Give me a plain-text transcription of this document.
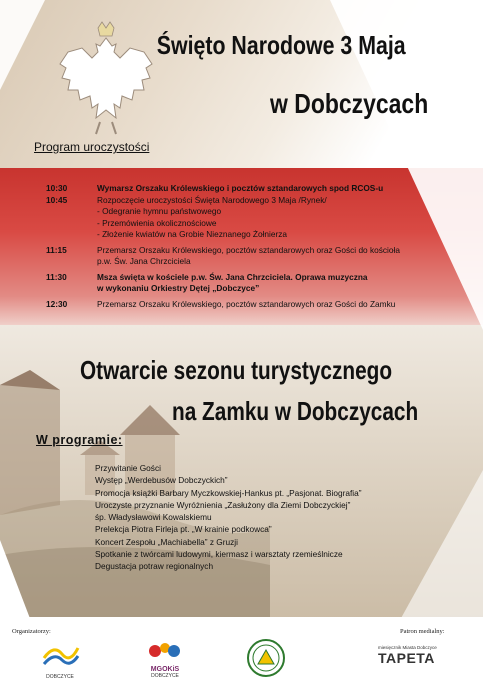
Święto Narodowe 3 Maja
w Dobczycach
Program uroczystości
10:30	Wymarsz Orszaku Królewskiego i pocztów sztandarowych spod RCOS-u
10:45	Rozpoczęcie uroczystości Święta Narodowego 3 Maja /Rynek/
- Odegranie hymnu państwowego
- Przemówienia okolicznościowe
- Złożenie kwiatów na Grobie Nieznanego Żołnierza
11:15	Przemarsz Orszaku Królewskiego, pocztów sztandarowych oraz Gości do kościoła
p.w. Św. Jana Chrzciciela
11:30	Msza święta w kościele p.w. Św. Jana Chrzciciela. Oprawa muzyczna
w wykonaniu Orkiestry Dętej „Dobczyce”
12:30	Przemarsz Orszaku Królewskiego, pocztów sztandarowych oraz Gości do Zamku
Otwarcie sezonu turystycznego
na Zamku w Dobczycach
W programie:
Przywitanie Gości
Występ „Werdebusów Dobczyckich”
Promocja książki Barbary Myczkowskiej-Hankus pt. „Pasjonat. Biografia”
Uroczyste przyznanie Wyróżnienia „Zasłużony dla Ziemi Dobczyckiej”
śp. Władysławowi Kowalskiemu
Prelekcja Piotra Firleja pt. „W krainie podkowca”
Koncert Zespołu „Machiabella” z Gruzji
Spotkanie z twórcami ludowymi, kiermasz i warsztaty rzemieślnicze
Degustacja potraw regionalnych
Organizatorzy:	Patron medialny:
DOBCZYCE
MGOKiS
DOBCZYCE
miesięcznik Miasta Dobczyce
TAPETA
